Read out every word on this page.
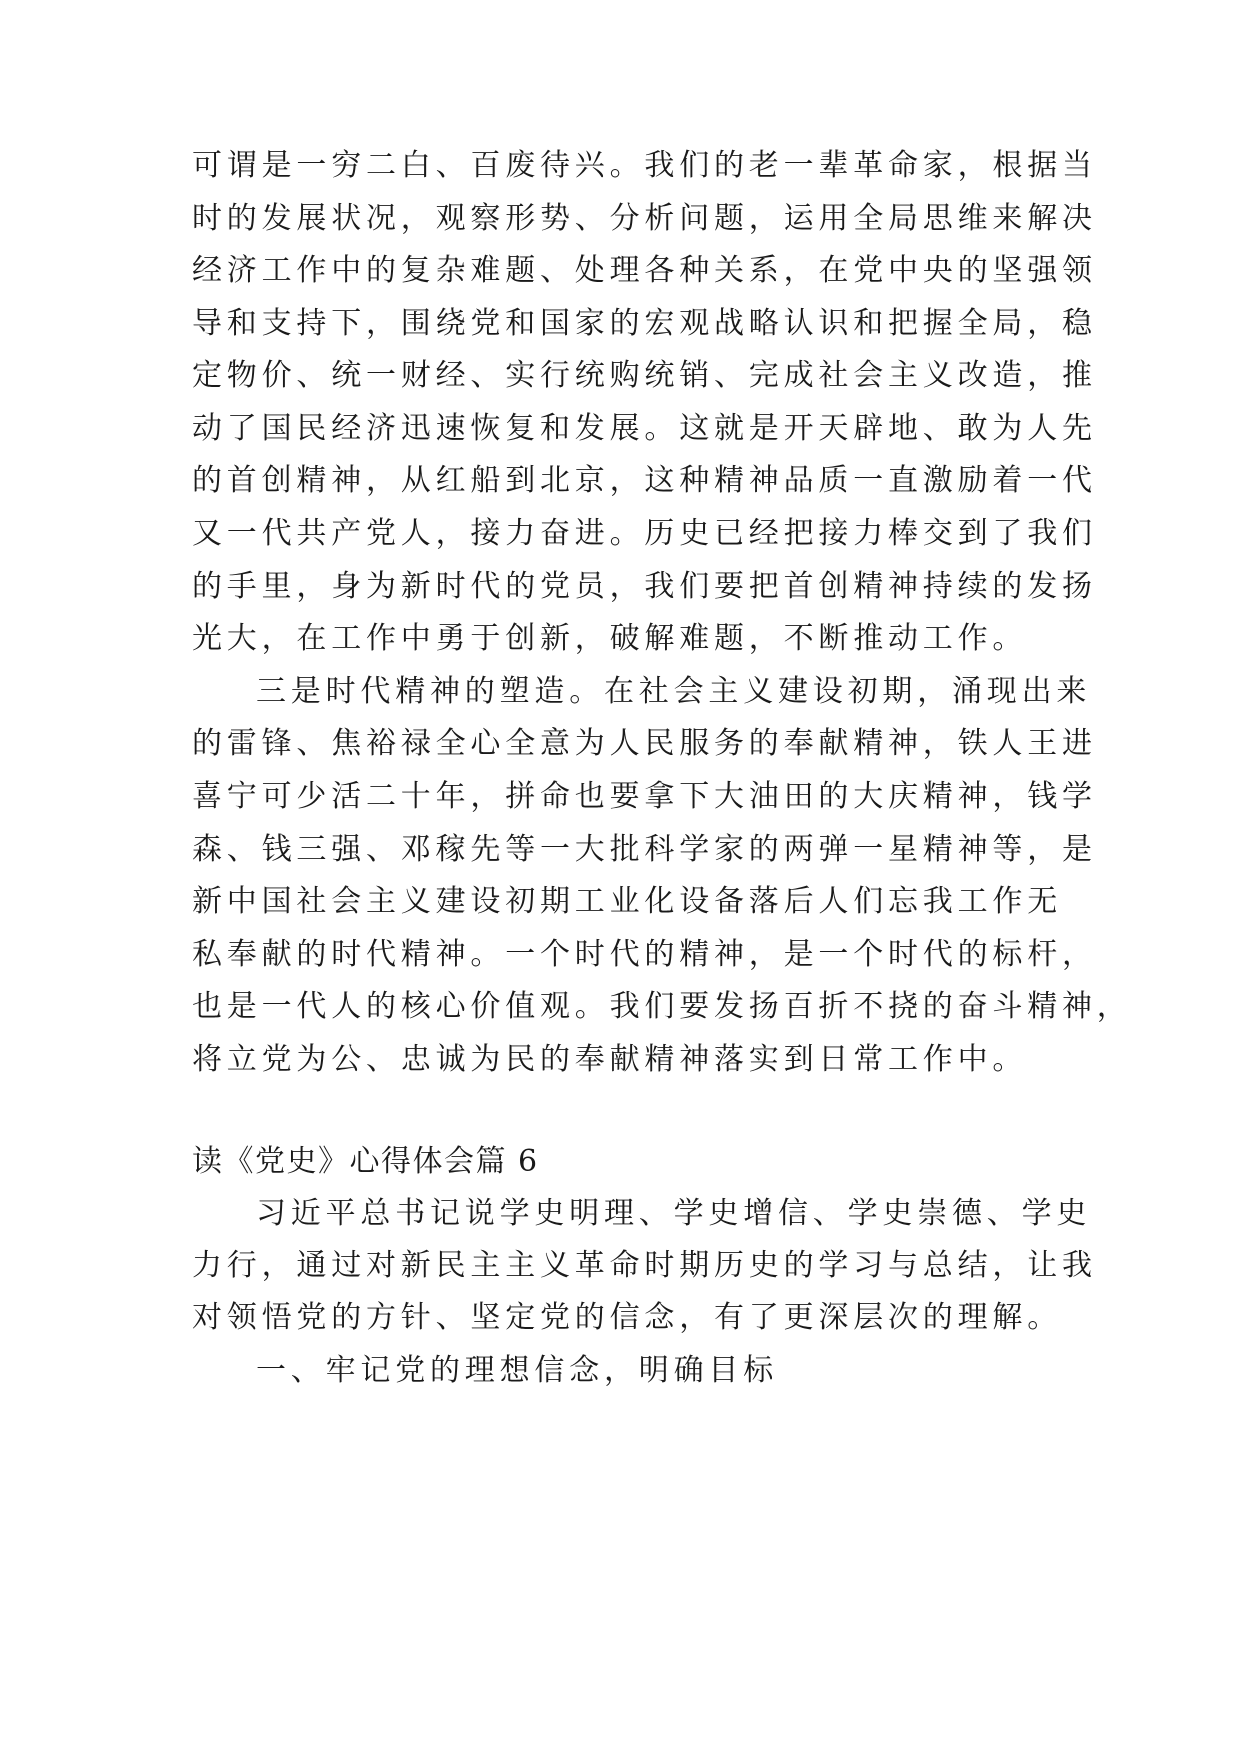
可谓是一穷二白、百废待兴。我们的老一辈革命家，根据当
时的发展状况，观察形势、分析问题，运用全局思维来解决
经济工作中的复杂难题、处理各种关系，在党中央的坚强领
导和支持下，围绕党和国家的宏观战略认识和把握全局，稳
定物价、统一财经、实行统购统销、完成社会主义改造，推
动了国民经济迅速恢复和发展。这就是开天辟地、敢为人先
的首创精神，从红船到北京，这种精神品质一直激励着一代
又一代共产党人，接力奋进。历史已经把接力棒交到了我们
的手里，身为新时代的党员，我们要把首创精神持续的发扬
光大，在工作中勇于创新，破解难题，不断推动工作。
三是时代精神的塑造。在社会主义建设初期，涌现出来
的雷锋、焦裕禄全心全意为人民服务的奉献精神，铁人王进
喜宁可少活二十年，拼命也要拿下大油田的大庆精神，钱学
森、钱三强、邓稼先等一大批科学家的两弹一星精神等，是
新中国社会主义建设初期工业化设备落后人们忘我工作无
私奉献的时代精神。一个时代的精神，是一个时代的标杆，
也是一代人的核心价值观。我们要发扬百折不挠的奋斗精神，
将立党为公、忠诚为民的奉献精神落实到日常工作中。
读《党史》心得体会篇 6
习近平总书记说学史明理、学史增信、学史崇德、学史
力行，通过对新民主主义革命时期历史的学习与总结，让我
对领悟党的方针、坚定党的信念，有了更深层次的理解。
一、牢记党的理想信念，明确目标
